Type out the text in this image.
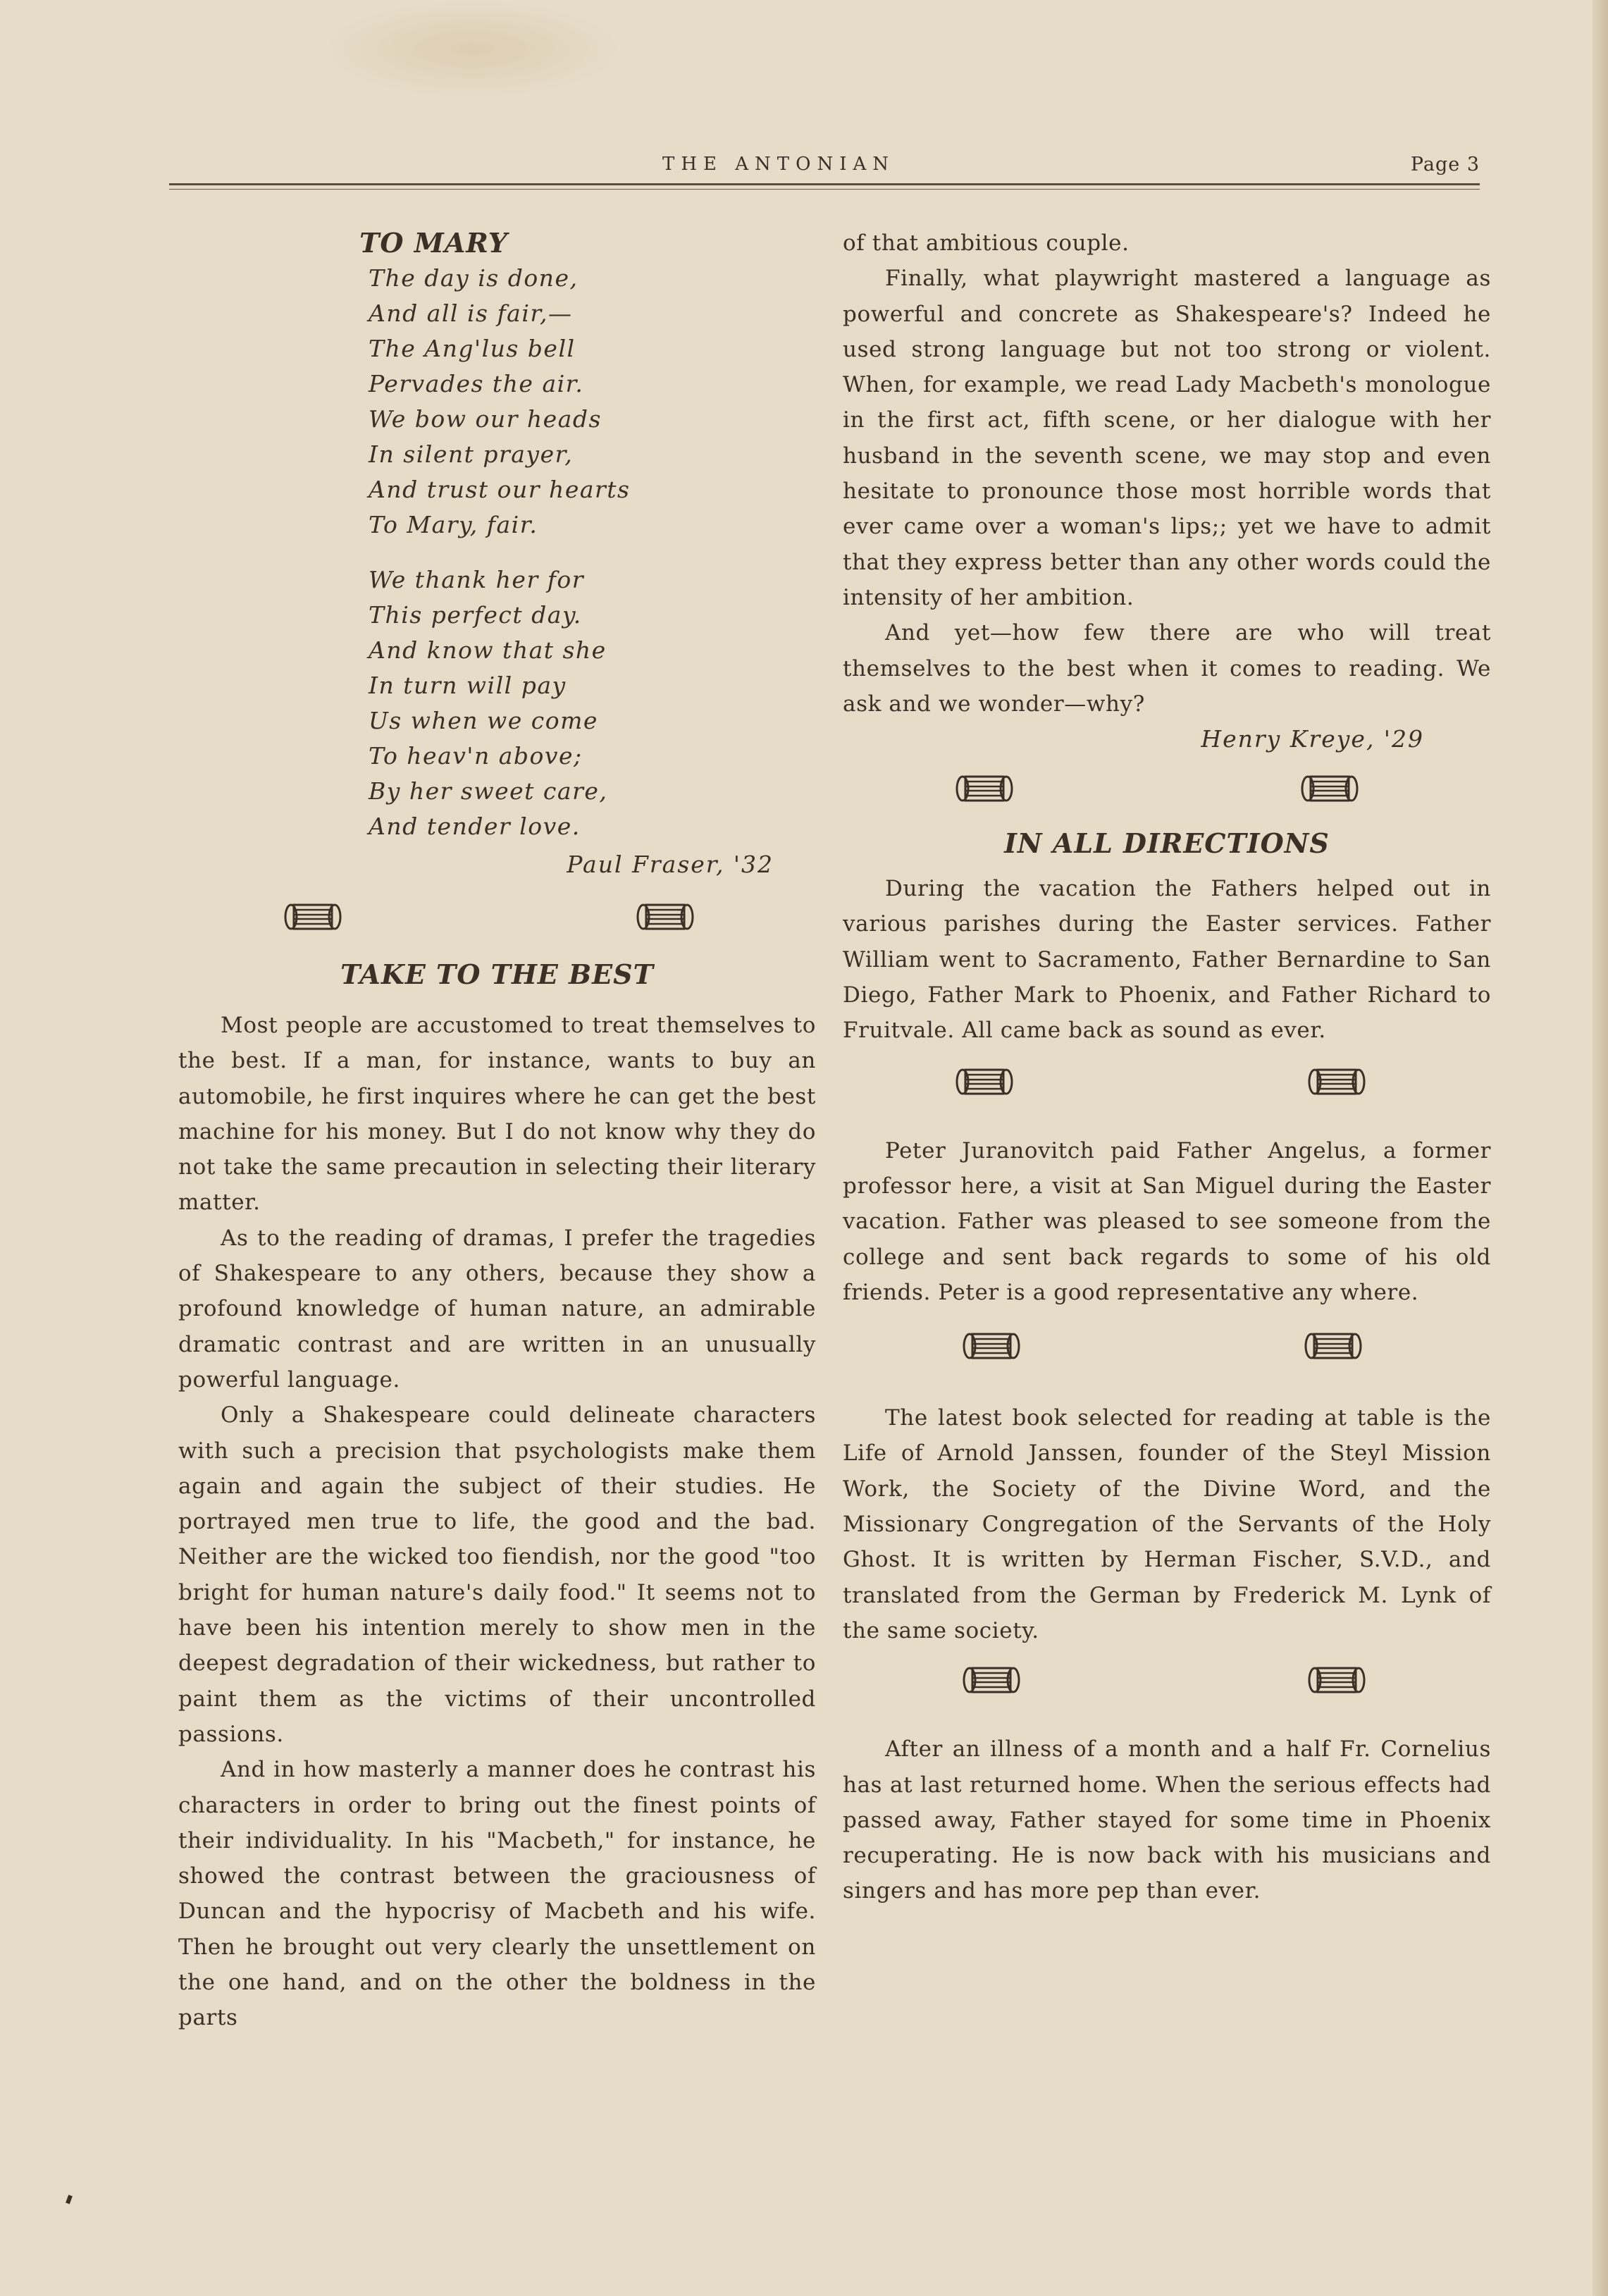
THE ANTONIAN	Page 3
TO MARY
The day is done,
And all is fair,—
The Ang'lus bell
Pervades the air.
We bow our heads
In silent prayer,
And trust our hearts
To Mary, fair.
We thank her for
This perfect day.
And know that she
In turn will pay
Us when we come
To heav'n above;
By her sweet care,
And tender love.
Paul Fraser, '32
TAKE TO THE BEST

Most people are accustomed to treat themselves to the best. If a man, for instance, wants to buy an automobile, he first inquires where he can get the best machine for his money. But I do not know why they do not take the same precaution in selecting their literary matter.

As to the reading of dramas, I prefer the tragedies of Shakespeare to any others, because they show a profound knowledge of human nature, an admirable dramatic contrast and are written in an unusually powerful language.

Only a Shakespeare could delineate characters with such a precision that psychologists make them again and again the subject of their studies. He portrayed men true to life, the good and the bad. Neither are the wicked too fiendish, nor the good "too bright for human nature's daily food." It seems not to have been his intention merely to show men in the deepest degradation of their wickedness, but rather to paint them as the victims of their uncontrolled passions.

And in how masterly a manner does he contrast his characters in order to bring out the finest points of their individuality. In his "Macbeth," for instance, he showed the contrast between the graciousness of Duncan and the hypocrisy of Macbeth and his wife. Then he brought out very clearly the unsettlement on the one hand, and on the other the boldness in the parts

of that ambitious couple.

Finally, what playwright mastered a language as powerful and concrete as Shakespeare's? Indeed he used strong language but not too strong or violent. When, for example, we read Lady Macbeth's monologue in the first act, fifth scene, or her dialogue with her husband in the seventh scene, we may stop and even hesitate to pronounce those most horrible words that ever came over a woman's lips;; yet we have to admit that they express better than any other words could the intensity of her ambition.

And yet—how few there are who will treat themselves to the best when it comes to reading. We ask and we wonder—why?

Henry Kreye, '29
IN ALL DIRECTIONS

During the vacation the Fathers helped out in various parishes during the Easter services. Father William went to Sacramento, Father Bernardine to San Diego, Father Mark to Phoenix, and Father Richard to Fruitvale. All came back as sound as ever.

Peter Juranovitch paid Father Angelus, a former professor here, a visit at San Miguel during the Easter vacation. Father was pleased to see someone from the college and sent back regards to some of his old friends. Peter is a good representative any where.

The latest book selected for reading at table is the Life of Arnold Janssen, founder of the Steyl Mission Work, the Society of the Divine Word, and the Missionary Congregation of the Servants of the Holy Ghost. It is written by Herman Fischer, S.V.D., and translated from the German by Frederick M. Lynk of the same society.

After an illness of a month and a half Fr. Cornelius has at last returned home. When the serious effects had passed away, Father stayed for some time in Phoenix recuperating. He is now back with his musicians and singers and has more pep than ever.
